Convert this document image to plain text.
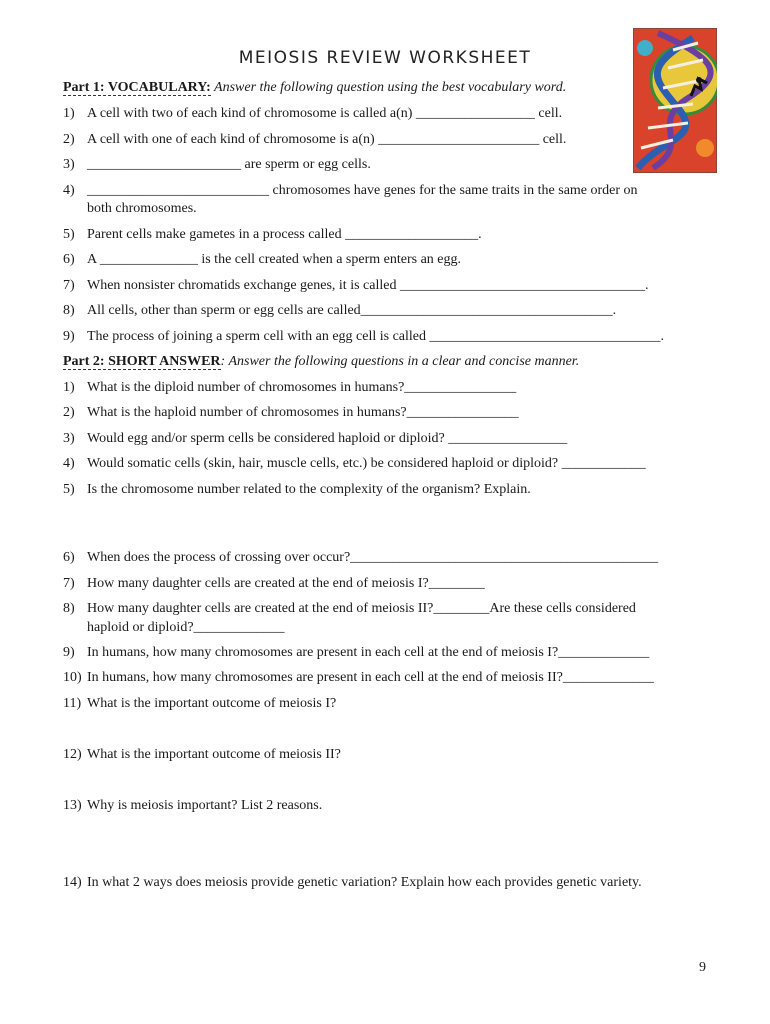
MEIOSIS REVIEW WORKSHEET
Part 1: VOCABULARY: Answer the following question using the best vocabulary word.
1) A cell with two of each kind of chromosome is called a(n) _________________ cell.
2) A cell with one of each kind of chromosome is a(n) _______________________ cell.
3) ______________________ are sperm or egg cells.
4) __________________________ chromosomes have genes for the same traits in the same order on
both chromosomes.
5) Parent cells make gametes in a process called ___________________.
6) A ______________ is the cell created when a sperm enters an egg.
7) When nonsister chromatids exchange genes, it is called ___________________________________.
8) All cells, other than sperm or egg cells are called____________________________________.
9) The process of joining a sperm cell with an egg cell is called _________________________________.
Part 2: SHORT ANSWER: Answer the following questions in a clear and concise manner.
1) What is the diploid number of chromosomes in humans?________________
2) What is the haploid number of chromosomes in humans?________________
3) Would egg and/or sperm cells be considered haploid or diploid? _________________
4) Would somatic cells (skin, hair, muscle cells, etc.) be considered haploid or diploid? ____________
5) Is the chromosome number related to the complexity of the organism? Explain.
6) When does the process of crossing over occur?____________________________________________
7) How many daughter cells are created at the end of meiosis I?________
8) How many daughter cells are created at the end of meiosis II?________Are these cells considered
haploid or diploid?_____________
9) In humans, how many chromosomes are present in each cell at the end of meiosis I?_____________
10) In humans, how many chromosomes are present in each cell at the end of meiosis II?_____________
11) What is the important outcome of meiosis I?
12) What is the important outcome of meiosis II?
13) Why is meiosis important? List 2 reasons.
14) In what 2 ways does meiosis provide genetic variation? Explain how each provides genetic variety.
9
